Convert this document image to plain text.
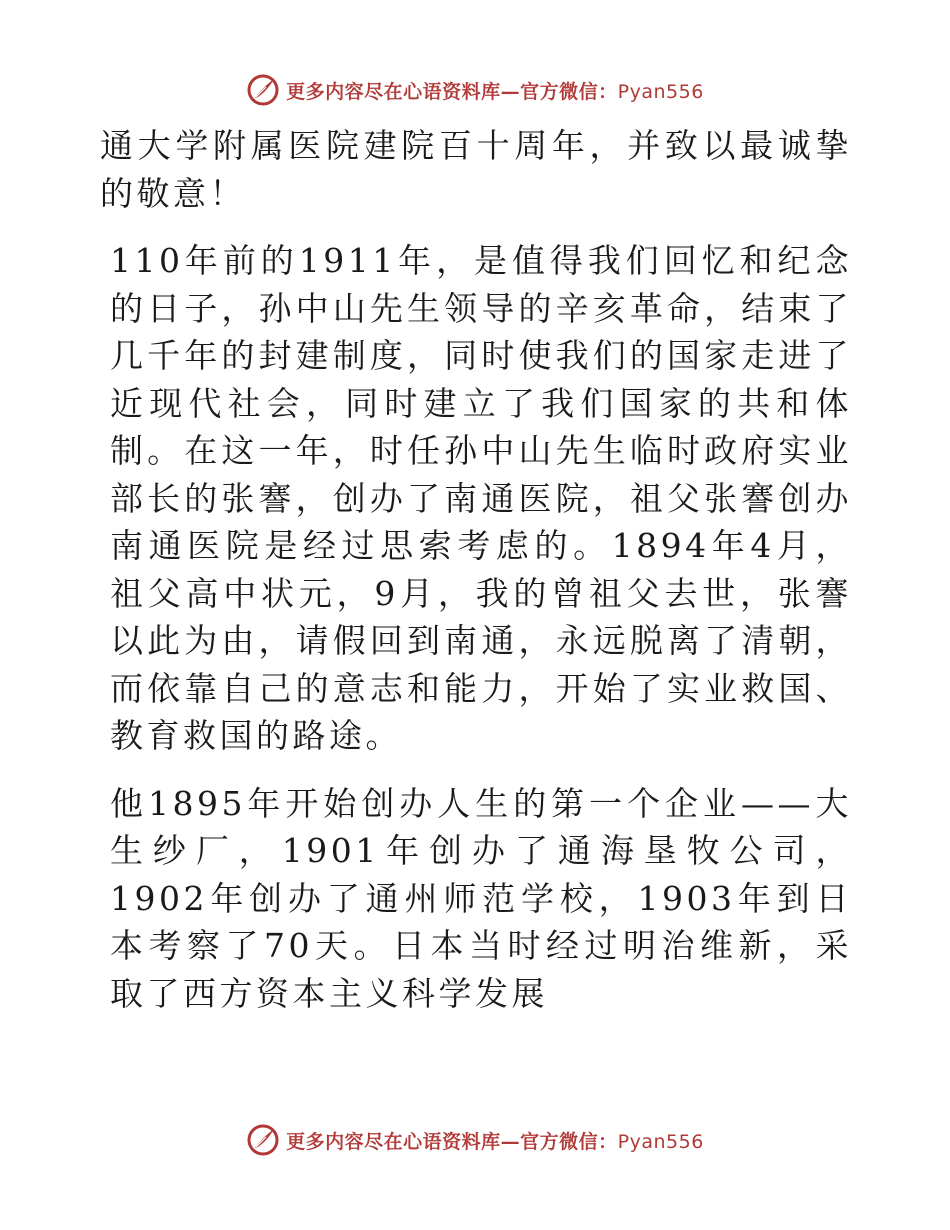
更多内容尽在心语资料库—官方微信：Pyan556

通大学附属医院建院百十周年，并致以最诚挚的敬意！

110年前的1911年，是值得我们回忆和纪念的日子，孙中山先生领导的辛亥革命，结束了几千年的封建制度，同时使我们的国家走进了近现代社会，同时建立了我们国家的共和体制。在这一年，时任孙中山先生临时政府实业部长的张謇，创办了南通医院，祖父张謇创办南通医院是经过思索考虑的。1894年4月，祖父高中状元，9月，我的曾祖父去世，张謇以此为由，请假回到南通，永远脱离了清朝，而依靠自己的意志和能力，开始了实业救国、教育救国的路途。

他1895年开始创办人生的第一个企业——大生纱厂，1901年创办了通海垦牧公司，1902年创办了通州师范学校，1903年到日本考察了70天。日本当时经过明治维新，采取了西方资本主义科学发展

更多内容尽在心语资料库—官方微信：Pyan556
